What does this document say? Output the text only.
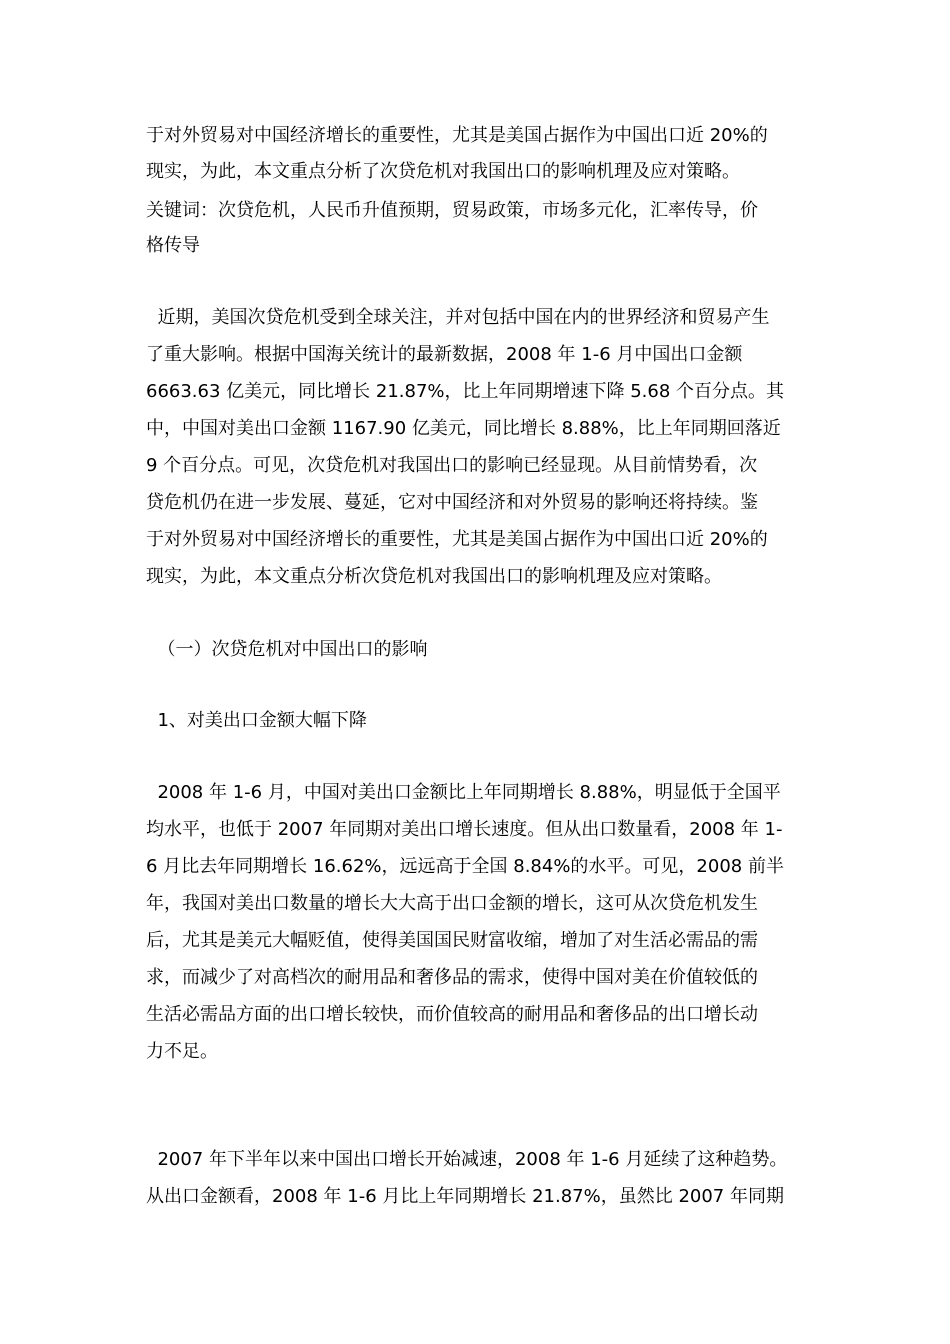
于对外贸易对中国经济增长的重要性，尤其是美国占据作为中国出口近 20%的
现实，为此，本文重点分析了次贷危机对我国出口的影响机理及应对策略。
关键词：次贷危机，人民币升值预期，贸易政策，市场多元化，汇率传导，价
格传导
近期，美国次贷危机受到全球关注，并对包括中国在内的世界经济和贸易产生
了重大影响。根据中国海关统计的最新数据，2008 年 1-6 月中国出口金额
6663.63 亿美元，同比增长 21.87%，比上年同期增速下降 5.68 个百分点。其
中，中国对美出口金额 1167.90 亿美元，同比增长 8.88%，比上年同期回落近
9 个百分点。可见，次贷危机对我国出口的影响已经显现。从目前情势看，次
贷危机仍在进一步发展、蔓延，它对中国经济和对外贸易的影响还将持续。鉴
于对外贸易对中国经济增长的重要性，尤其是美国占据作为中国出口近 20%的
现实，为此，本文重点分析次贷危机对我国出口的影响机理及应对策略。
（一）次贷危机对中国出口的影响
1、对美出口金额大幅下降
2008 年 1-6 月，中国对美出口金额比上年同期增长 8.88%，明显低于全国平
均水平，也低于 2007 年同期对美出口增长速度。但从出口数量看，2008 年 1-
6 月比去年同期增长 16.62%，远远高于全国 8.84%的水平。可见，2008 前半
年，我国对美出口数量的增长大大高于出口金额的增长，这可从次贷危机发生
后，尤其是美元大幅贬值，使得美国国民财富收缩，增加了对生活必需品的需
求，而减少了对高档次的耐用品和奢侈品的需求，使得中国对美在价值较低的
生活必需品方面的出口增长较快，而价值较高的耐用品和奢侈品的出口增长动
力不足。
2007 年下半年以来中国出口增长开始减速，2008 年 1-6 月延续了这种趋势。
从出口金额看，2008 年 1-6 月比上年同期增长 21.87%，虽然比 2007 年同期
